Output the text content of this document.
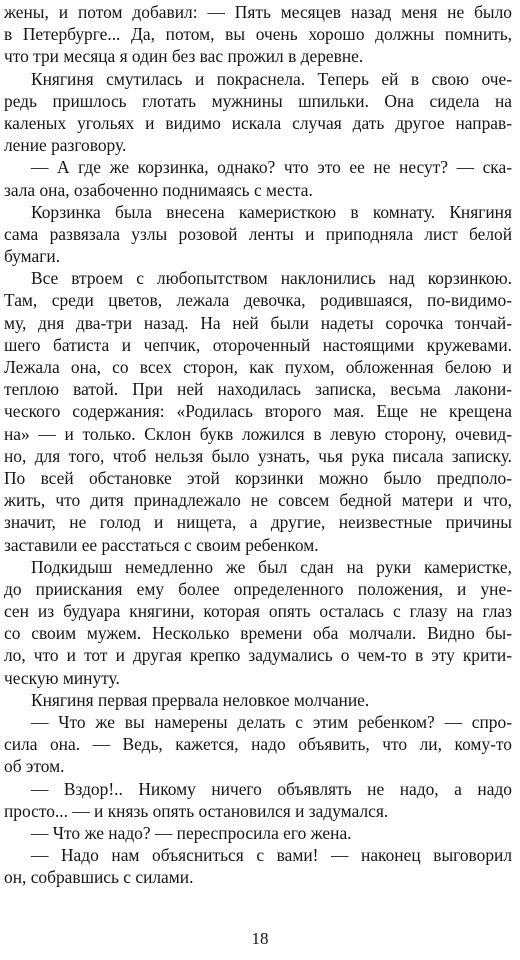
жены, и потом добавил: — Пять месяцев назад меня не было
в Петербурге... Да, потом, вы очень хорошо должны помнить,
что три месяца я один без вас прожил в деревне.
Княгиня смутилась и покраснела. Теперь ей в свою оче-
редь пришлось глотать мужнины шпильки. Она сидела на
каленых угольях и видимо искала случая дать другое направ-
ление разговору.
— А где же корзинка, однако? что это ее не несут? — ска-
зала она, озабоченно поднимаясь с места.
Корзинка была внесена камеристкою в комнату. Княгиня
сама развязала узлы розовой ленты и приподняла лист белой
бумаги.
Все втроем с любопытством наклонились над корзинкою.
Там, среди цветов, лежала девочка, родившаяся, по-видимо-
му, дня два-три назад. На ней были надеты сорочка тончай-
шего батиста и чепчик, отороченный настоящими кружевами.
Лежала она, со всех сторон, как пухом, обложенная белою и
теплою ватой. При ней находилась записка, весьма лакони-
ческого содержания: «Родилась второго мая. Еще не крещена
на» — и только. Склон букв ложился в левую сторону, очевид-
но, для того, чтоб нельзя было узнать, чья рука писала записку.
По всей обстановке этой корзинки можно было предполо-
жить, что дитя принадлежало не совсем бедной матери и что,
значит, не голод и нищета, а другие, неизвестные причины
заставили ее расстаться с своим ребенком.
Подкидыш немедленно же был сдан на руки камеристке,
до приискания ему более определенного положения, и уне-
сен из будуара княгини, которая опять осталась с глазу на глаз
со своим мужем. Несколько времени оба молчали. Видно бы-
ло, что и тот и другая крепко задумались о чем-то в эту крити-
ческую минуту.
Княгиня первая прервала неловкое молчание.
— Что же вы намерены делать с этим ребенком? — спро-
сила она. — Ведь, кажется, надо объявить, что ли, кому-то
об этом.
— Вздор!.. Никому ничего объявлять не надо, а надо
просто... — и князь опять остановился и задумался.
— Что же надо? — переспросила его жена.
— Надо нам объясниться с вами! — наконец выговорил
он, собравшись с силами.
18
